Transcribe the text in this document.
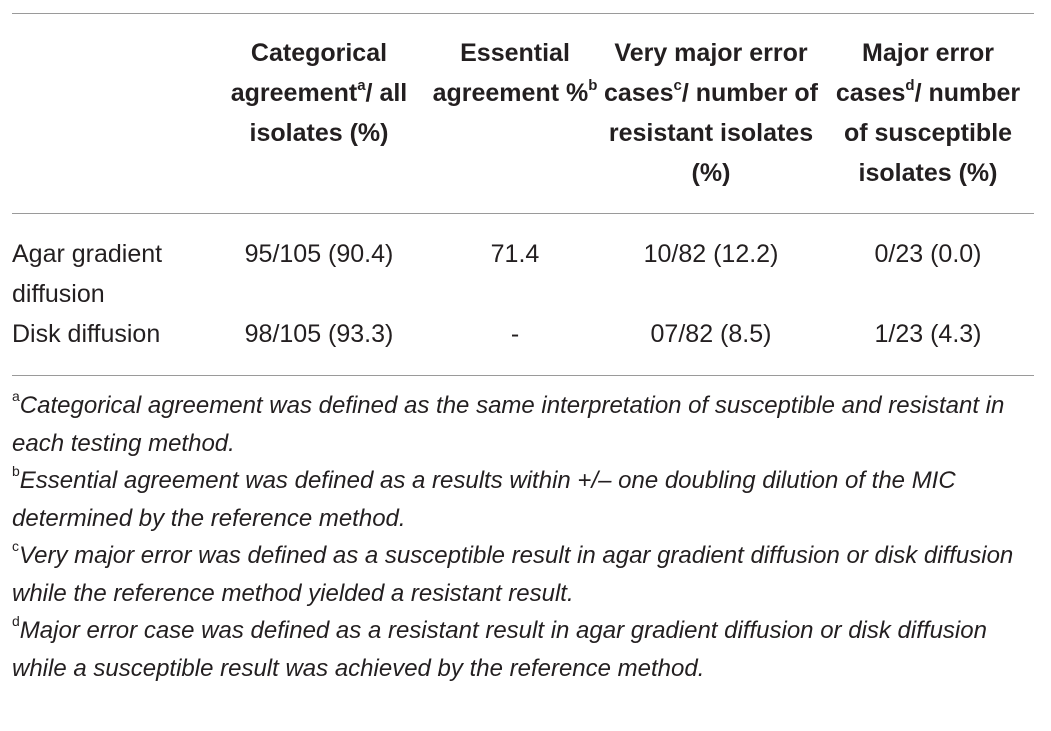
	Categorical agreement$^a$/ all isolates (%)	Essential agreement %$^b$	Very major error cases$^c$/ number of resistant isolates (%)	Major error cases$^d$/ number of susceptible isolates (%)

Agar gradient diffusion	95/105 (90.4)	71.4	10/82 (12.2)	0/23 (0.0)
Disk diffusion	98/105 (93.3)	-	07/82 (8.5)	1/23 (4.3)

$^a$Categorical agreement was defined as the same interpretation of susceptible and resistant in each testing method.

$^b$Essential agreement was defined as a results within +/– one doubling dilution of the MIC determined by the reference method.

$^c$Very major error was defined as a susceptible result in agar gradient diffusion or disk diffusion while the reference method yielded a resistant result.

$^d$Major error case was defined as a resistant result in agar gradient diffusion or disk diffusion while a susceptible result was achieved by the reference method.
